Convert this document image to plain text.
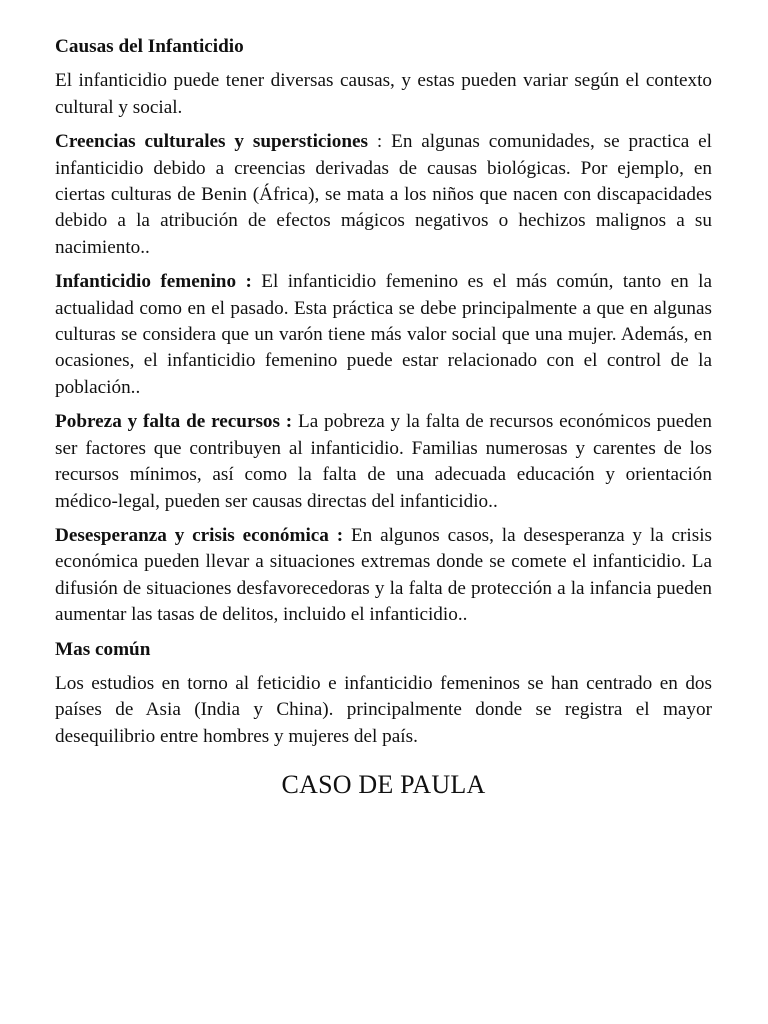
Causas del Infanticidio

El infanticidio puede tener diversas causas, y estas pueden variar según el contexto cultural y social.

Creencias culturales y supersticiones : En algunas comunidades, se practica el infanticidio debido a creencias derivadas de causas biológicas. Por ejemplo, en ciertas culturas de Benin (África), se mata a los niños que nacen con discapacidades debido a la atribución de efectos mágicos negativos o hechizos malignos a su nacimiento..

Infanticidio femenino : El infanticidio femenino es el más común, tanto en la actualidad como en el pasado. Esta práctica se debe principalmente a que en algunas culturas se considera que un varón tiene más valor social que una mujer. Además, en ocasiones, el infanticidio femenino puede estar relacionado con el control de la población..

Pobreza y falta de recursos : La pobreza y la falta de recursos económicos pueden ser factores que contribuyen al infanticidio. Familias numerosas y carentes de los recursos mínimos, así como la falta de una adecuada educación y orientación médico-legal, pueden ser causas directas del infanticidio..

Desesperanza y crisis económica : En algunos casos, la desesperanza y la crisis económica pueden llevar a situaciones extremas donde se comete el infanticidio. La difusión de situaciones desfavorecedoras y la falta de protección a la infancia pueden aumentar las tasas de delitos, incluido el infanticidio..

Mas común

Los estudios en torno al feticidio e infanticidio femeninos se han centrado en dos países de Asia (India y China). principalmente donde se registra el mayor desequilibrio entre hombres y mujeres del país.

CASO DE PAULA
